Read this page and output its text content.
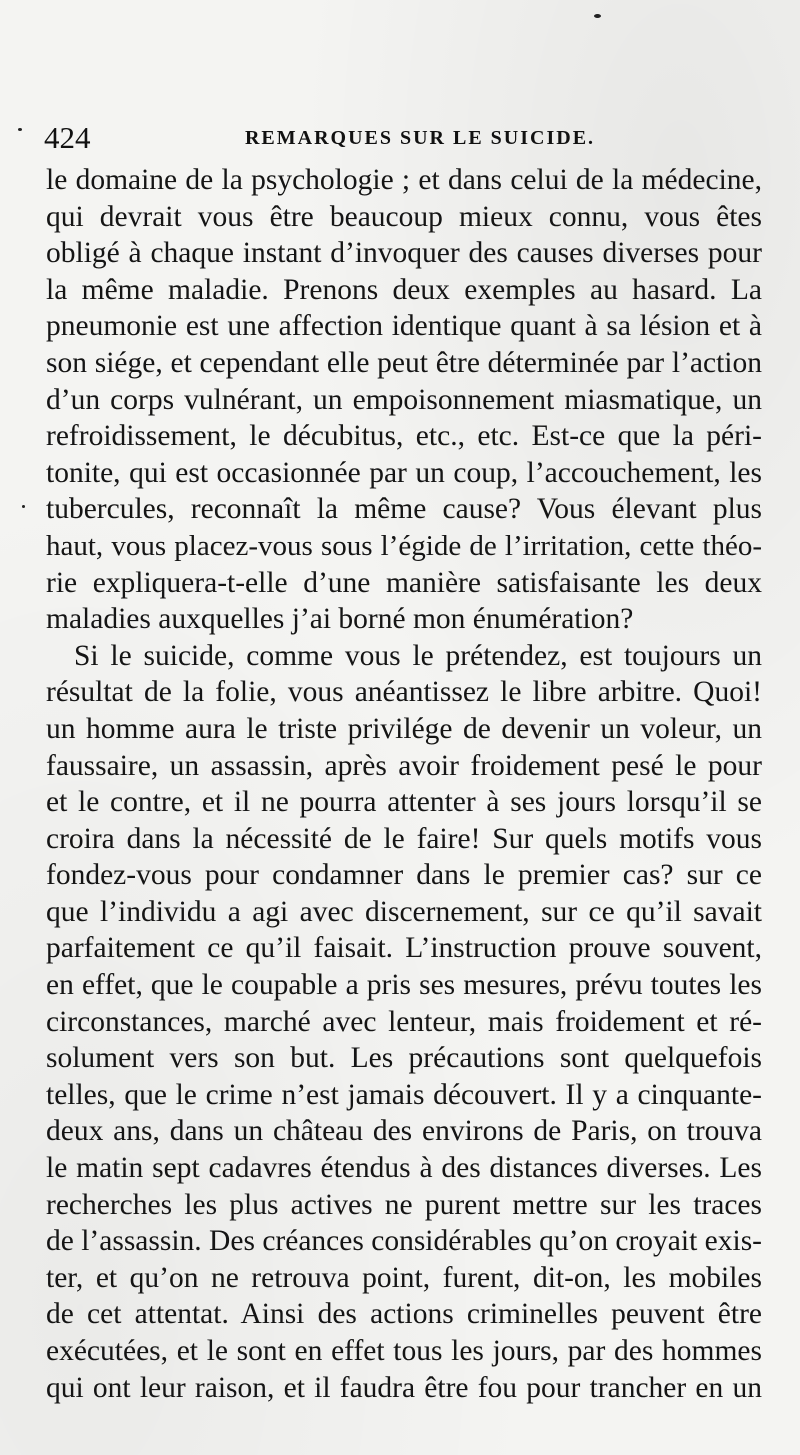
424	REMARQUES SUR LE SUICIDE.
le domaine de la psychologie ; et dans celui de la médecine,
qui devrait vous être beaucoup mieux connu, vous êtes
obligé à chaque instant d’invoquer des causes diverses pour
la même maladie. Prenons deux exemples au hasard. La
pneumonie est une affection identique quant à sa lésion et à
son siége, et cependant elle peut être déterminée par l’action
d’un corps vulnérant, un empoisonnement miasmatique, un
refroidissement, le décubitus, etc., etc. Est-ce que la péri-
tonite, qui est occasionnée par un coup, l’accouchement, les
tubercules, reconnaît la même cause? Vous élevant plus
haut, vous placez-vous sous l’égide de l’irritation, cette théo-
rie expliquera-t-elle d’une manière satisfaisante les deux
maladies auxquelles j’ai borné mon énumération?
Si le suicide, comme vous le prétendez, est toujours un
résultat de la folie, vous anéantissez le libre arbitre. Quoi!
un homme aura le triste privilége de devenir un voleur, un
faussaire, un assassin, après avoir froidement pesé le pour
et le contre, et il ne pourra attenter à ses jours lorsqu’il se
croira dans la nécessité de le faire! Sur quels motifs vous
fondez-vous pour condamner dans le premier cas? sur ce
que l’individu a agi avec discernement, sur ce qu’il savait
parfaitement ce qu’il faisait. L’instruction prouve souvent,
en effet, que le coupable a pris ses mesures, prévu toutes les
circonstances, marché avec lenteur, mais froidement et ré-
solument vers son but. Les précautions sont quelquefois
telles, que le crime n’est jamais découvert. Il y a cinquante-
deux ans, dans un château des environs de Paris, on trouva
le matin sept cadavres étendus à des distances diverses. Les
recherches les plus actives ne purent mettre sur les traces
de l’assassin. Des créances considérables qu’on croyait exis-
ter, et qu’on ne retrouva point, furent, dit-on, les mobiles
de cet attentat. Ainsi des actions criminelles peuvent être
exécutées, et le sont en effet tous les jours, par des hommes
qui ont leur raison, et il faudra être fou pour trancher en un
